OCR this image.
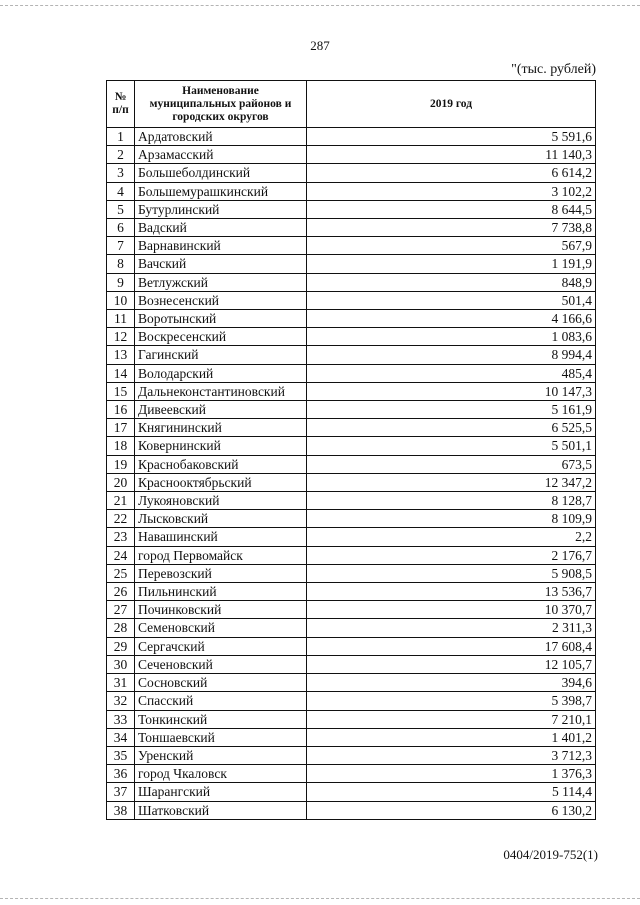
287
"(тыс. рублей)
№ п/п	Наименование муниципальных районов и городских округов	2019 год
1	Ардатовский	5 591,6
2	Арзамасский	11 140,3
3	Большеболдинский	6 614,2
4	Большемурашкинский	3 102,2
5	Бутурлинский	8 644,5
6	Вадский	7 738,8
7	Варнавинский	567,9
8	Вачский	1 191,9
9	Ветлужский	848,9
10	Вознесенский	501,4
11	Воротынский	4 166,6
12	Воскресенский	1 083,6
13	Гагинский	8 994,4
14	Володарский	485,4
15	Дальнеконстантиновский	10 147,3
16	Дивеевский	5 161,9
17	Княгининский	6 525,5
18	Ковернинский	5 501,1
19	Краснобаковский	673,5
20	Краснооктябрьский	12 347,2
21	Лукояновский	8 128,7
22	Лысковский	8 109,9
23	Навашинский	2,2
24	город Первомайск	2 176,7
25	Перевозский	5 908,5
26	Пильнинский	13 536,7
27	Починковский	10 370,7
28	Семеновский	2 311,3
29	Сергачский	17 608,4
30	Сеченовский	12 105,7
31	Сосновский	394,6
32	Спасский	5 398,7
33	Тонкинский	7 210,1
34	Тоншаевский	1 401,2
35	Уренский	3 712,3
36	город Чкаловск	1 376,3
37	Шарангский	5 114,4
38	Шатковский	6 130,2
0404/2019-752(1)
